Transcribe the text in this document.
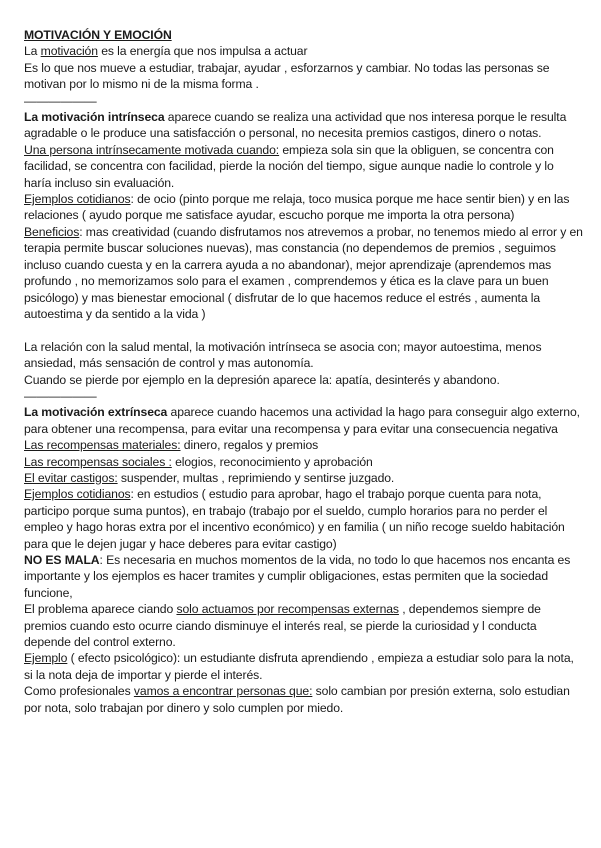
MOTIVACIÓN Y EMOCIÓN

La motivación es la energía que nos impulsa a actuar

Es lo que nos mueve a estudiar, trabajar, ayudar , esforzarnos y cambiar. No todas las personas se motivan por lo mismo ni de la misma forma .

——————

La motivación intrínseca aparece cuando se realiza una actividad que nos interesa porque le resulta agradable o le produce una satisfacción o personal, no necesita premios castigos, dinero o notas.

Una persona intrínsecamente motivada cuando: empieza sola sin que la obliguen, se concentra con facilidad, se concentra con facilidad, pierde la noción del tiempo, sigue aunque nadie lo controle y lo haría incluso sin evaluación.

Ejemplos cotidianos: de ocio (pinto porque me relaja, toco musica porque me hace sentir bien) y en las relaciones ( ayudo porque me satisface ayudar, escucho porque me importa la otra persona)

Beneficios: mas creatividad (cuando disfrutamos nos atrevemos a probar, no tenemos miedo al error y en terapia permite buscar soluciones nuevas), mas constancia (no dependemos de premios , seguimos incluso cuando cuesta y en la carrera ayuda a no abandonar), mejor aprendizaje (aprendemos mas profundo , no memorizamos solo para el examen , comprendemos y ética es la clave para un buen psicólogo) y mas bienestar emocional ( disfrutar de lo que hacemos reduce el estrés , aumenta la autoestima y da sentido a la vida )

La relación con la salud mental, la motivación intrínseca se asocia con; mayor autoestima, menos ansiedad, más sensación de control y mas autonomía.

Cuando se pierde por ejemplo en la depresión aparece la: apatía, desinterés y abandono.

——————

La motivación extrínseca aparece cuando hacemos una actividad la hago para conseguir algo externo, para obtener una recompensa, para evitar una recompensa y para evitar una consecuencia negativa

Las recompensas materiales: dinero, regalos y premios

Las recompensas sociales : elogios, reconocimiento y aprobación

El evitar castigos: suspender, multas , reprimiendo y sentirse juzgado.

Ejemplos cotidianos: en estudios ( estudio para aprobar, hago el trabajo porque cuenta para nota, participo porque suma puntos), en trabajo (trabajo por el sueldo, cumplo horarios para no perder el empleo y hago horas extra por el incentivo económico) y en familia ( un niño recoge sueldo habitación para que le dejen jugar y hace deberes para evitar castigo)

NO ES MALA: Es necesaria en muchos momentos de la vida, no todo lo que hacemos nos encanta es importante y los ejemplos es hacer tramites y cumplir obligaciones, estas permiten que la sociedad funcione,

El problema aparece ciando solo actuamos por recompensas externas , dependemos siempre de premios cuando esto ocurre ciando disminuye el interés real, se pierde la curiosidad y l conducta depende del control externo.

Ejemplo ( efecto psicológico): un estudiante disfruta aprendiendo , empieza a estudiar solo para la nota, si la nota deja de importar y pierde el interés.

Como profesionales vamos a encontrar personas que: solo cambian por presión externa, solo estudian por nota, solo trabajan por dinero y solo cumplen por miedo.
